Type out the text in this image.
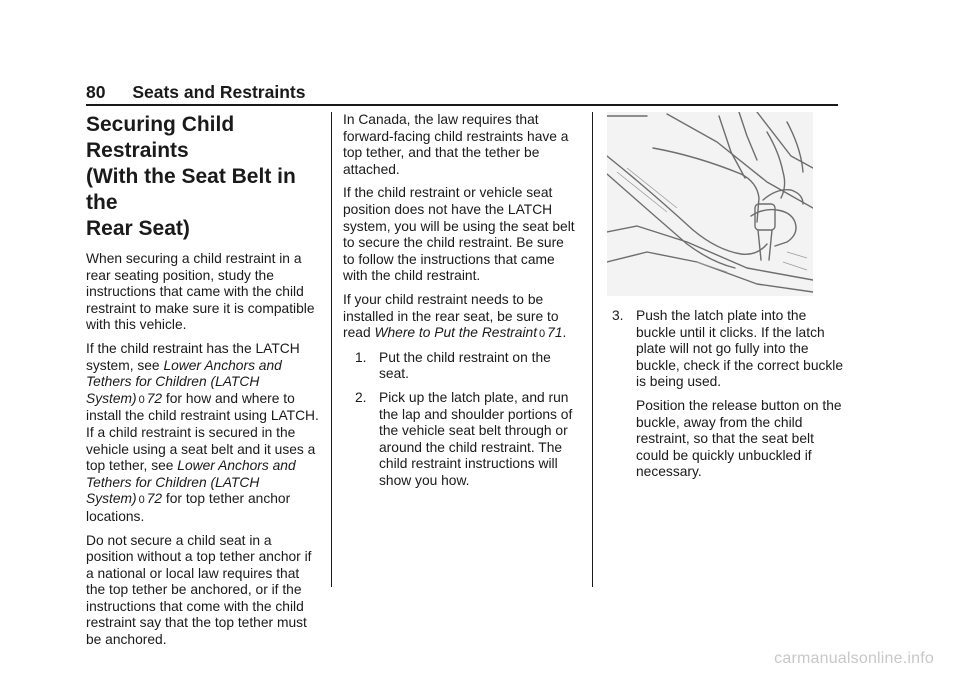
80 Seats and Restraints
Securing Child Restraints
(With the Seat Belt in the
Rear Seat)

When securing a child restraint in a rear seating position, study the instructions that came with the child restraint to make sure it is compatible with this vehicle.

If the child restraint has the LATCH system, see Lower Anchors and Tethers for Children (LATCH System) 0 72 for how and where to install the child restraint using LATCH. If a child restraint is secured in the vehicle using a seat belt and it uses a top tether, see Lower Anchors and Tethers for Children (LATCH System) 0 72 for top tether anchor locations.

Do not secure a child seat in a position without a top tether anchor if a national or local law requires that the top tether be anchored, or if the instructions that come with the child restraint say that the top tether must be anchored.

In Canada, the law requires that forward-facing child restraints have a top tether, and that the tether be attached.

If the child restraint or vehicle seat position does not have the LATCH system, you will be using the seat belt to secure the child restraint. Be sure to follow the instructions that came with the child restraint.

If your child restraint needs to be installed in the rear seat, be sure to read Where to Put the Restraint 0 71.

1. Put the child restraint on the seat.
2. Pick up the latch plate, and run the lap and shoulder portions of the vehicle seat belt through or around the child restraint. The child restraint instructions will show you how.
3. Push the latch plate into the buckle until it clicks. If the latch plate will not go fully into the buckle, check if the correct buckle is being used.

Position the release button on the buckle, away from the child restraint, so that the seat belt could be quickly unbuckled if necessary.

carmanualsonline.info
